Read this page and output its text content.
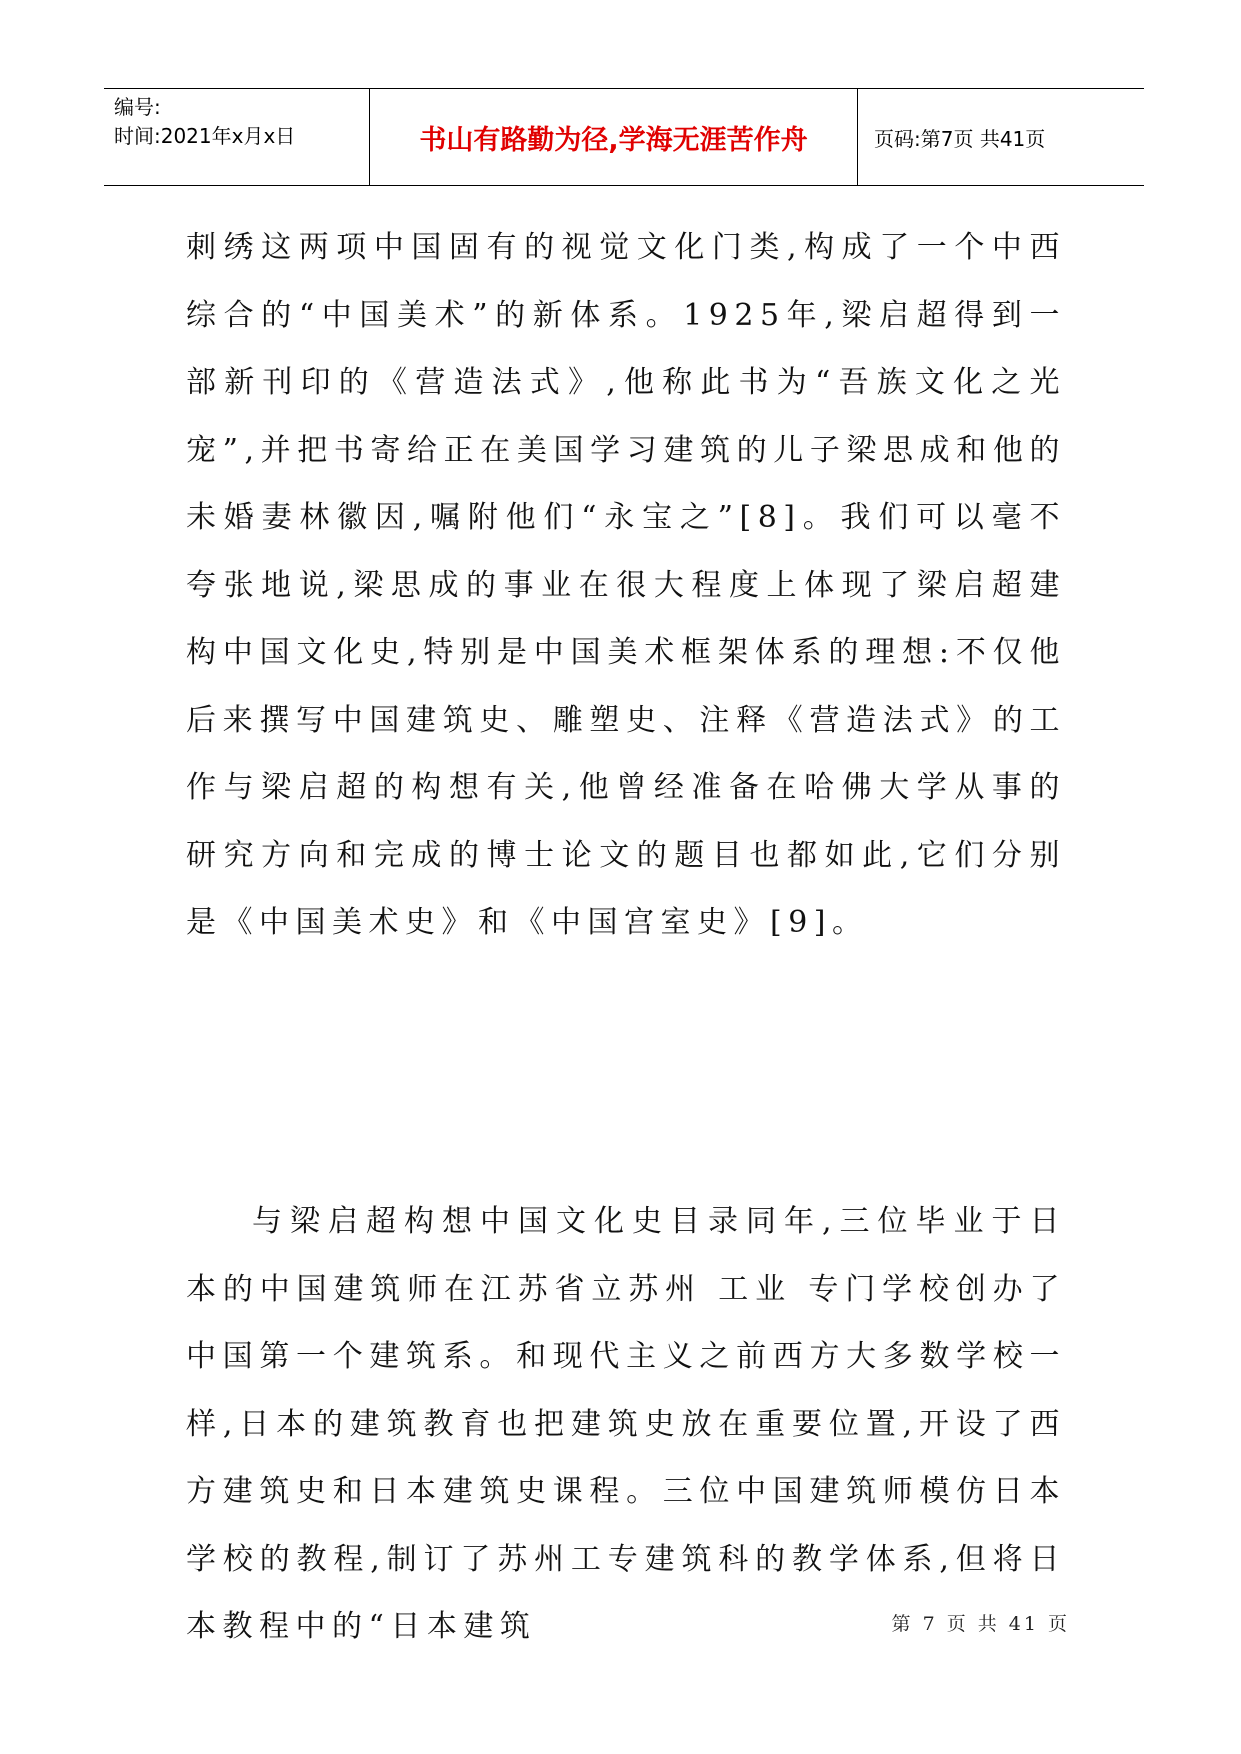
编号:
时间:2021年x月x日	书山有路勤为径,学海无涯苦作舟	页码:第7页 共41页

刺绣这两项中国固有的视觉文化门类,构成了一个中西综合的“中国美术”的新体系。1925年,梁启超得到一部新刊印的《营造法式》,他称此书为“吾族文化之光宠”,并把书寄给正在美国学习建筑的儿子梁思成和他的未婚妻林徽因,嘱附他们“永宝之”[8]。我们可以毫不夸张地说,梁思成的事业在很大程度上体现了梁启超建构中国文化史,特别是中国美术框架体系的理想:不仅他后来撰写中国建筑史、雕塑史、注释《营造法式》的工作与梁启超的构想有关,他曾经准备在哈佛大学从事的研究方向和完成的博士论文的题目也都如此,它们分别是《中国美术史》和《中国宫室史》[9]。

与梁启超构想中国文化史目录同年,三位毕业于日本的中国建筑师在江苏省立苏州 工业 专门学校创办了中国第一个建筑系。和现代主义之前西方大多数学校一样,日本的建筑教育也把建筑史放在重要位置,开设了西方建筑史和日本建筑史课程。三位中国建筑师模仿日本学校的教程,制订了苏州工专建筑科的教学体系,但将日本教程中的“日本建筑	第 7 页 共 41 页
